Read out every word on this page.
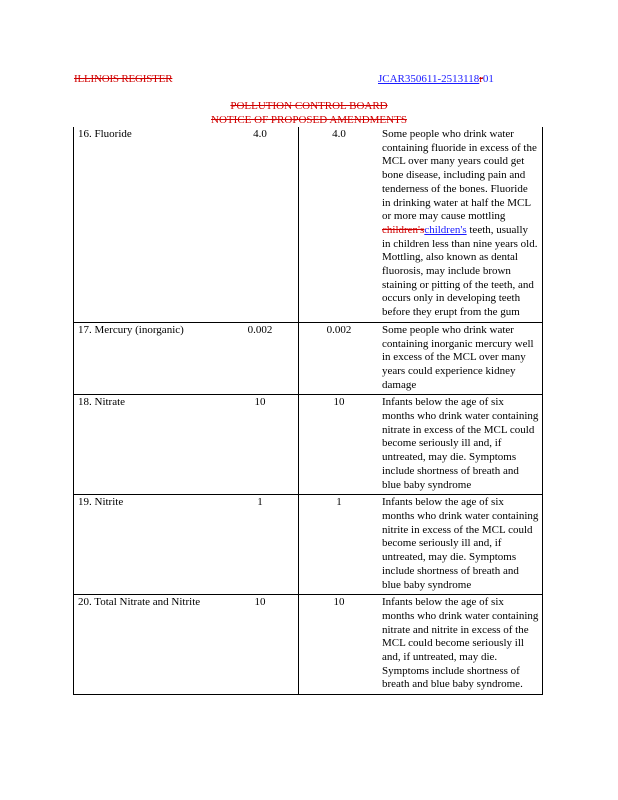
ILLINOIS REGISTER	JCAR350611-2513118r01
POLLUTION CONTROL BOARD
NOTICE OF PROPOSED AMENDMENTS
16. Fluoride	4.0	4.0	Some people who drink water containing fluoride in excess of the MCL over many years could get bone disease, including pain and tenderness of the bones. Fluoride in drinking water at half the MCL or more may cause mottling children'schildren's teeth, usually in children less than nine years old. Mottling, also known as dental fluorosis, may include brown staining or pitting of the teeth, and occurs only in developing teeth before they erupt from the gum
17. Mercury (inorganic)	0.002	0.002	Some people who drink water containing inorganic mercury well in excess of the MCL over many years could experience kidney damage
18. Nitrate	10	10	Infants below the age of six months who drink water containing nitrate in excess of the MCL could become seriously ill and, if untreated, may die. Symptoms include shortness of breath and blue baby syndrome
19. Nitrite	1	1	Infants below the age of six months who drink water containing nitrite in excess of the MCL could become seriously ill and, if untreated, may die. Symptoms include shortness of breath and blue baby syndrome
20. Total Nitrate and Nitrite	10	10	Infants below the age of six months who drink water containing nitrate and nitrite in excess of the MCL could become seriously ill and, if untreated, may die. Symptoms include shortness of breath and blue baby syndrome.
